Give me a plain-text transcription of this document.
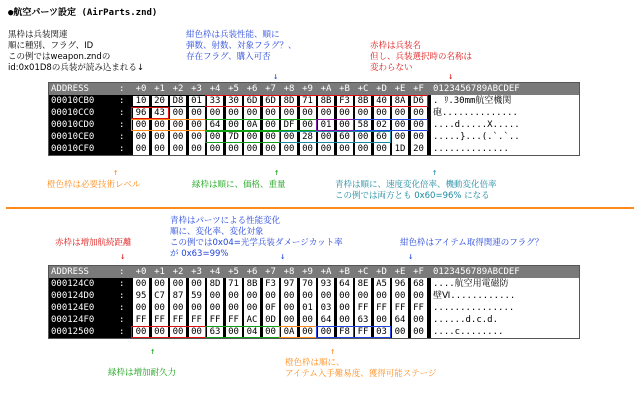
●航空パーツ設定 (AirParts.znd)
黒枠は兵装関連
順に種別、フラグ、ID
この例ではweapon.zndの
id:0x01D8の兵装が読み込まれる↓
紺色枠は兵装性能、順に
弾数、射数、対象フラグ？、
存在フラグ、購入可否
赤枠は兵装名
但し、兵装選択時の名称は
変わらない
ADDRESS	: +0 +1 +2 +3 +4 +5 +6 +7 +8 +9 +A +B +C +D +E +F 0123456789ABCDEF
00010CB0	: 10 20 D8 01 33 30 6D 6D 8D 71 8B F3 8B 40 8A D6 . ﾘ.30mm航空機関
00010CC0	: 96 43 00 00 00 00 00 00 00 00 00 00 00 00 00 00 砲..............
00010CD0	: 00 00 00 00 64 00 0A 00 DF 00 01 00 58 02 00 00 ....d.....X.....
00010CE0	: 00 00 00 00 00 7D 00 00 00 28 00 60 00 60 00 00 .....}...(.`.`..
00010CF0	: 00 00 00 00 00 00 00 00 00 00 00 00 00 00 1D 20 ..............
橙色枠は必要技術レベル	緑枠は順に、価格、重量	青枠は順に、速度変化倍率、機動変化倍率
この例では両方とも 0x60=96% になる
赤枠は増加航続距離
青枠はパーツによる性能変化
順に、変化率、変化対象
この例では0x04=光学兵装ダメージカット率
が 0x63=99%
紺色枠はアイテム取得関連のフラグ？
ADDRESS	: +0 +1 +2 +3 +4 +5 +6 +7 +8 +9 +A +B +C +D +E +F 0123456789ABCDEF
000124C0	: 00 00 00 00 8D 71 8B F3 97 70 93 64 8E A5 96 68 ....航空用電磁防
000124D0	: 95 C7 87 59 00 00 00 00 00 00 00 00 00 00 00 00 壁Ⅵ............
000124E0	: 00 00 00 00 00 00 00 0F 00 01 03 00 FF FF FF FF ...............
000124F0	: FF FF FF FF FF FF AC 0D 00 00 64 00 63 00 64 00 ......d.c.d.
00012500	: 00 00 00 00 63 00 04 00 0A 00 00 F8 FF 03 00 00 ....c........
緑枠は増加耐久力
橙色枠は順に、
アイテム入手難易度、獲得可能ステージ
↓	↓
↑	↑	↑
↓	↓	↓
↑	↑
